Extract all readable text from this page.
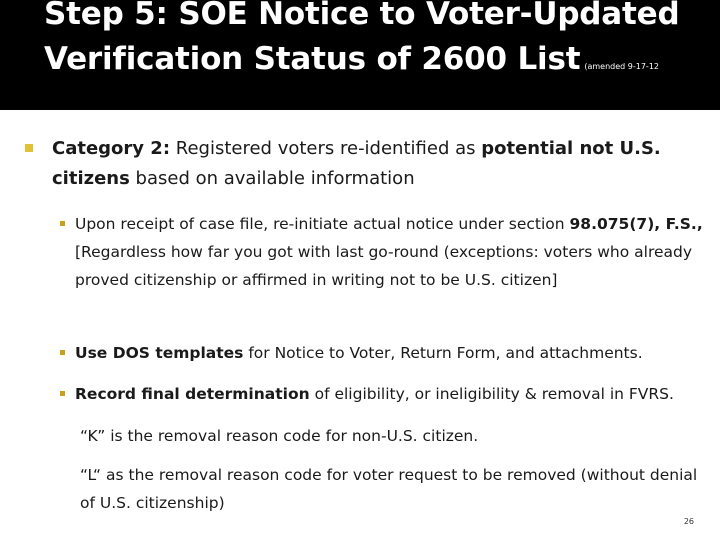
Step 5: SOE Notice to Voter-Updated Verification Status of 2600 List (amended 9-17-12
Category 2: Registered voters re-identified as potential not U.S. citizens based on available information
Upon receipt of case file, re-initiate actual notice under section 98.075(7), F.S., [Regardless how far you got with last go-round (exceptions: voters who already proved citizenship or affirmed in writing not to be U.S. citizen]
Use DOS templates for Notice to Voter, Return Form, and attachments.
Record final determination of eligibility, or ineligibility & removal in FVRS.
“K” is the removal reason code for non-U.S. citizen.
“L“ as the removal reason code for voter request to be removed (without denial of U.S. citizenship)
26
